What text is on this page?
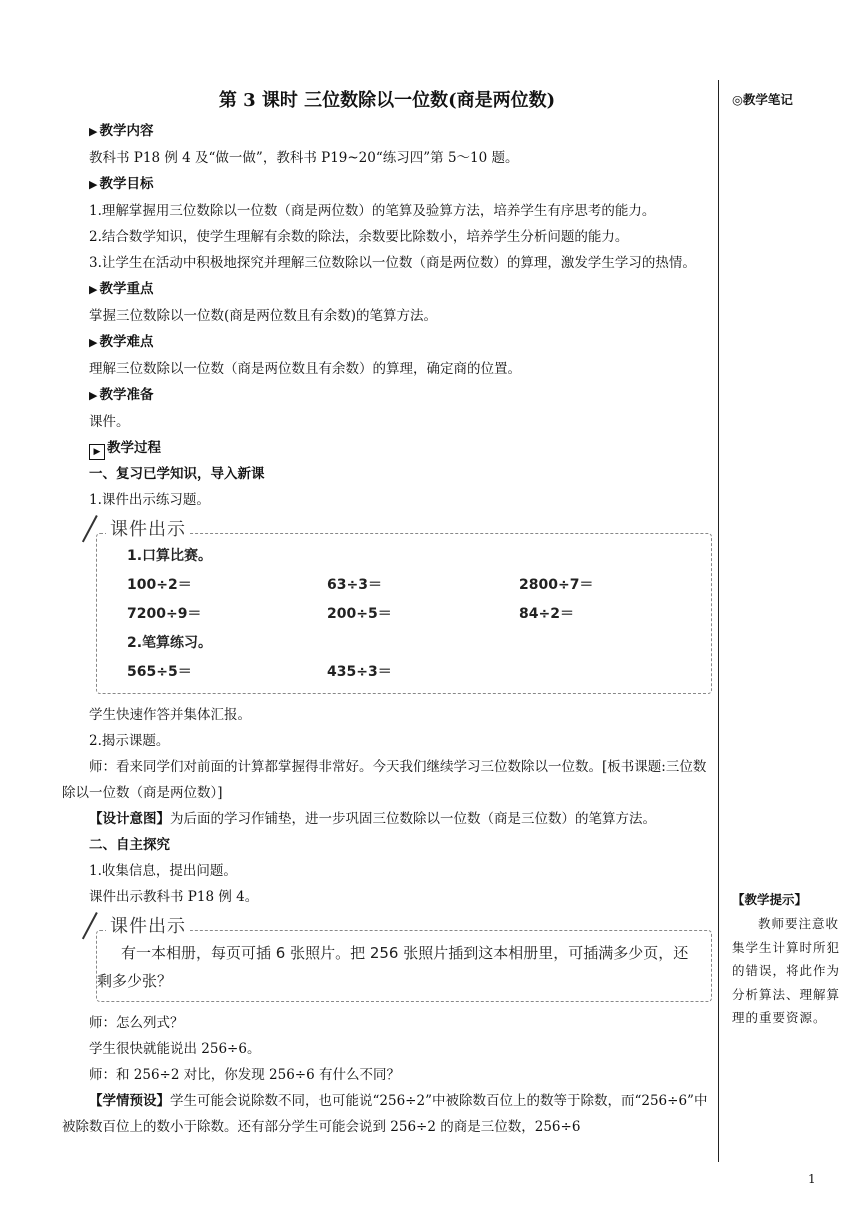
第 3 课时 三位数除以一位数(商是两位数)

▶ 教学内容

教科书 P18 例 4 及“做一做”，教科书 P19~20“练习四”第 5～10 题。

▶ 教学目标

1.理解掌握用三位数除以一位数（商是两位数）的笔算及验算方法，培养学生有序思考的能力。

2.结合数学知识，使学生理解有余数的除法，余数要比除数小，培养学生分析问题的能力。

3.让学生在活动中积极地探究并理解三位数除以一位数（商是两位数）的算理，激发学生学习的热情。

▶ 教学重点

掌握三位数除以一位数(商是两位数且有余数)的笔算方法。

▶ 教学难点

理解三位数除以一位数（商是两位数且有余数）的算理，确定商的位置。

▶ 教学准备

课件。

▶ 教学过程

一、复习已学知识，导入新课

1.课件出示练习题。

课件出示
1.口算比赛。
100÷2＝	63÷3＝	2800÷7＝
7200÷9＝	200÷5＝	84÷2＝
2.笔算练习。
565÷5＝	435÷3＝

学生快速作答并集体汇报。

2.揭示课题。

师：看来同学们对前面的计算都掌握得非常好。今天我们继续学习三位数除以一位数。[板书课题:三位数除以一位数（商是两位数）]

【设计意图】为后面的学习作铺垫，进一步巩固三位数除以一位数（商是三位数）的笔算方法。

二、自主探究

1.收集信息，提出问题。

课件出示教科书 P18 例 4。

课件出示
有一本相册，每页可插 6 张照片。把 256 张照片插到这本相册里，可插满多少页，还剩多少张？

师：怎么列式？

学生很快就能说出 256÷6。

师：和 256÷2 对比，你发现 256÷6 有什么不同？

【学情预设】学生可能会说除数不同，也可能说“256÷2”中被除数百位上的数等于除数，而“256÷6”中被除数百位上的数小于除数。还有部分学生可能会说到 256÷2 的商是三位数，256÷6

◎教学笔记
【教学提示】
教师要注意收集学生计算时所犯的错误，将此作为分析算法、理解算理的重要资源。
1
